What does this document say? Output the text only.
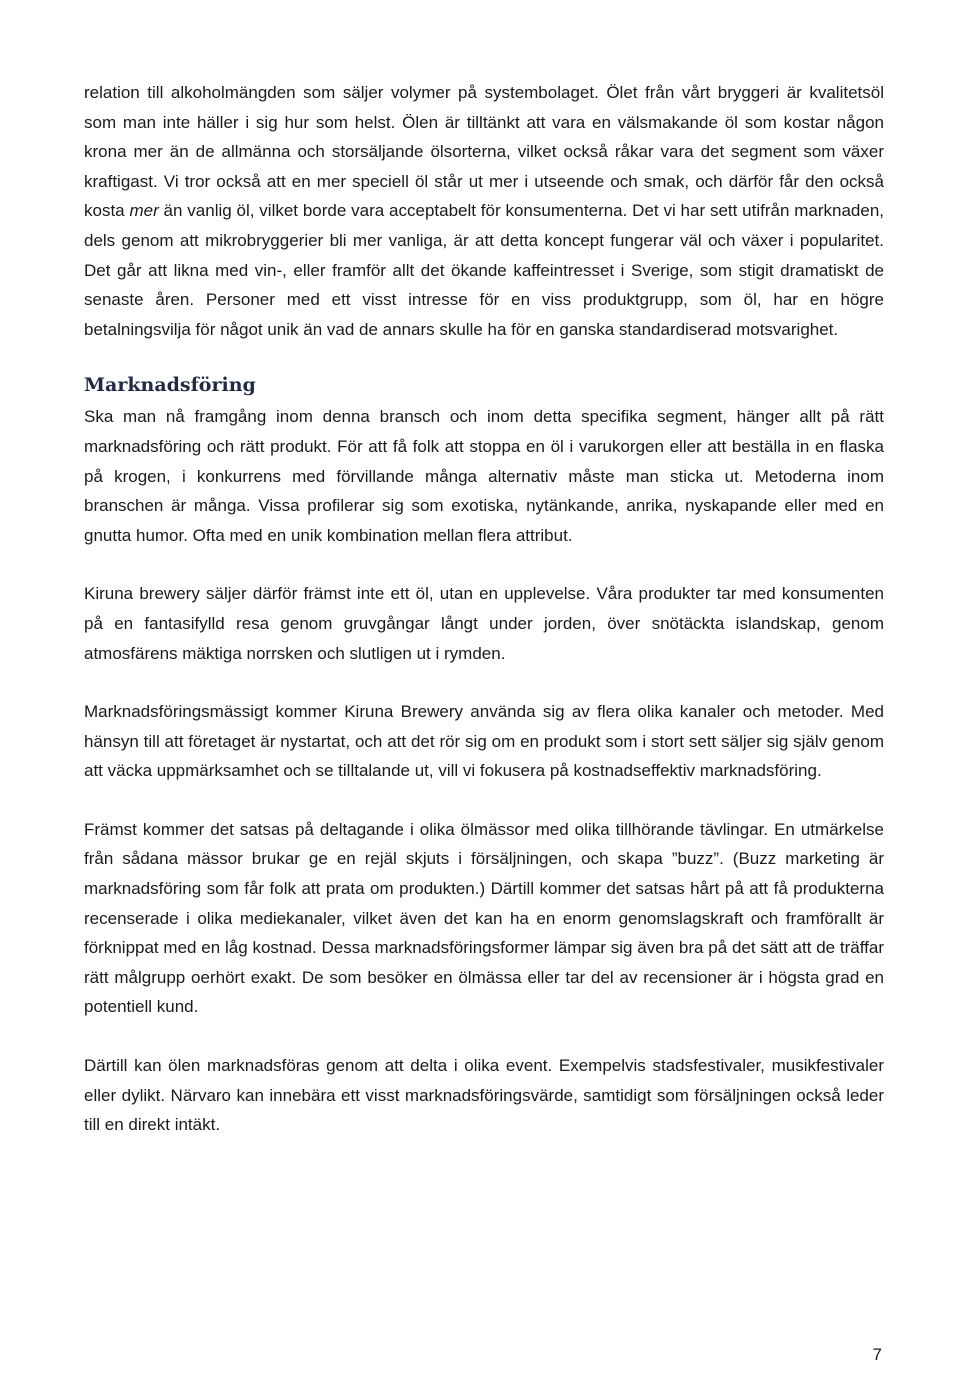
relation till alkoholmängden som säljer volymer på systembolaget. Ölet från vårt bryggeri är kvalitetsöl som man inte häller i sig hur som helst. Ölen är tilltänkt att vara en välsmakande öl som kostar någon krona mer än de allmänna och storsäljande ölsorterna, vilket också råkar vara det segment som växer kraftigast. Vi tror också att en mer speciell öl står ut mer i utseende och smak, och därför får den också kosta mer än vanlig öl, vilket borde vara acceptabelt för konsumenterna. Det vi har sett utifrån marknaden, dels genom att mikrobryggerier bli mer vanliga, är att detta koncept fungerar väl och växer i popularitet. Det går att likna med vin-, eller framför allt det ökande kaffeintresset i Sverige, som stigit dramatiskt de senaste åren. Personer med ett visst intresse för en viss produktgrupp, som öl, har en högre betalningsvilja för något unik än vad de annars skulle ha för en ganska standardiserad motsvarighet.

Marknadsföring

Ska man nå framgång inom denna bransch och inom detta specifika segment, hänger allt på rätt marknadsföring och rätt produkt. För att få folk att stoppa en öl i varukorgen eller att beställa in en flaska på krogen, i konkurrens med förvillande många alternativ måste man sticka ut. Metoderna inom branschen är många. Vissa profilerar sig som exotiska, nytänkande, anrika, nyskapande eller med en gnutta humor. Ofta med en unik kombination mellan flera attribut.

Kiruna brewery säljer därför främst inte ett öl, utan en upplevelse. Våra produkter tar med konsumenten på en fantasifylld resa genom gruvgångar långt under jorden, över snötäckta islandskap, genom atmosfärens mäktiga norrsken och slutligen ut i rymden.

Marknadsföringsmässigt kommer Kiruna Brewery använda sig av flera olika kanaler och metoder. Med hänsyn till att företaget är nystartat, och att det rör sig om en produkt som i stort sett säljer sig själv genom att väcka uppmärksamhet och se tilltalande ut, vill vi fokusera på kostnadseffektiv marknadsföring.

Främst kommer det satsas på deltagande i olika ölmässor med olika tillhörande tävlingar. En utmärkelse från sådana mässor brukar ge en rejäl skjuts i försäljningen, och skapa ”buzz”. (Buzz marketing är marknadsföring som får folk att prata om produkten.) Därtill kommer det satsas hårt på att få produkterna recenserade i olika mediekanaler, vilket även det kan ha en enorm genomslagskraft och framförallt är förknippat med en låg kostnad. Dessa marknadsföringsformer lämpar sig även bra på det sätt att de träffar rätt målgrupp oerhört exakt. De som besöker en ölmässa eller tar del av recensioner är i högsta grad en potentiell kund.

Därtill kan ölen marknadsföras genom att delta i olika event. Exempelvis stadsfestivaler, musikfestivaler eller dylikt. Närvaro kan innebära ett visst marknadsföringsvärde, samtidigt som försäljningen också leder till en direkt intäkt.

7
